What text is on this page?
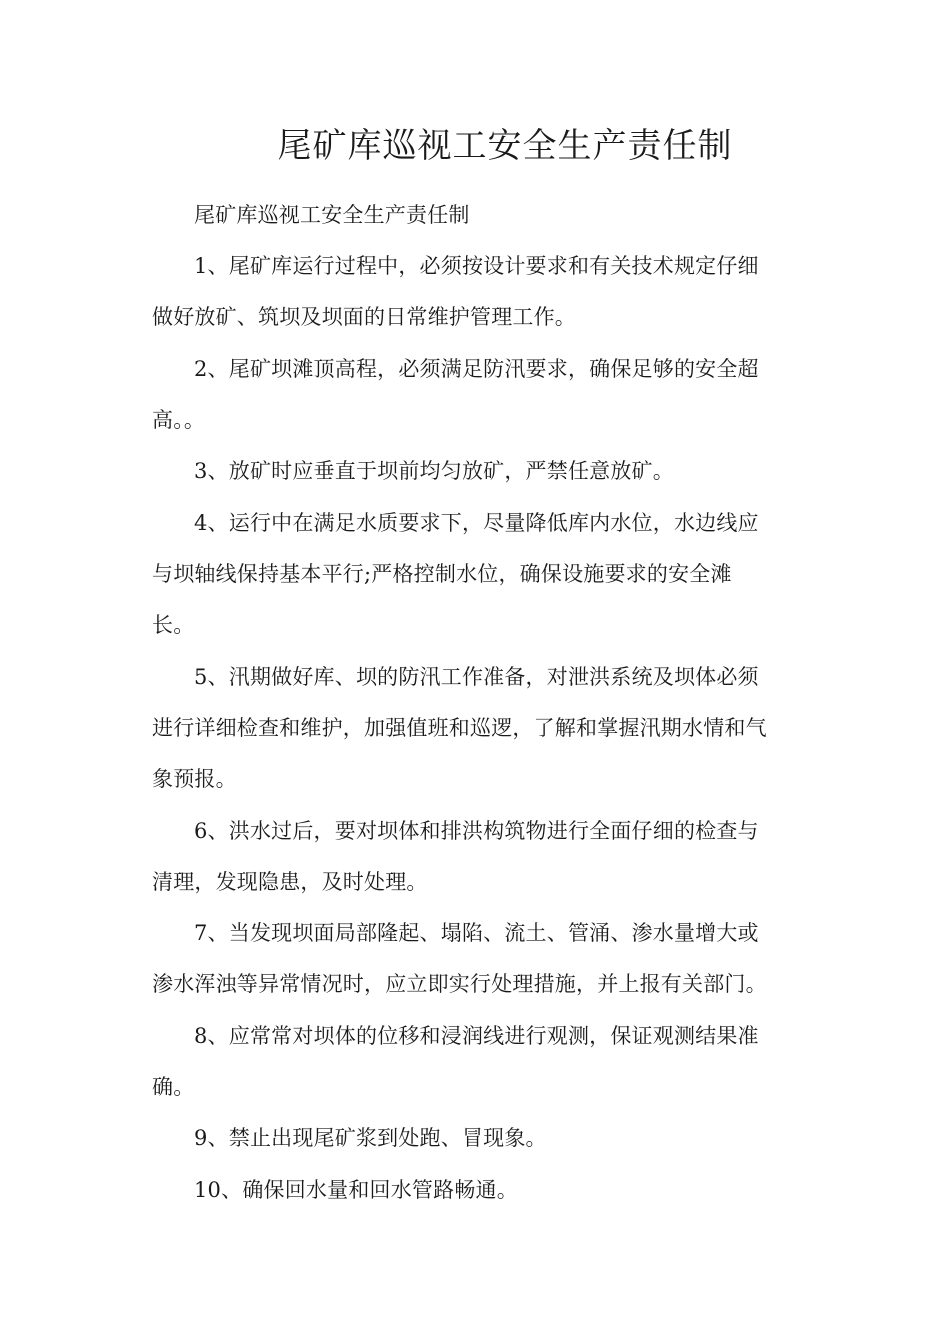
尾矿库巡视工安全生产责任制
尾矿库巡视工安全生产责任制
1、尾矿库运行过程中，必须按设计要求和有关技术规定仔细
做好放矿、筑坝及坝面的日常维护管理工作。
2、尾矿坝滩顶高程，必须满足防汛要求，确保足够的安全超
高。。
3、放矿时应垂直于坝前均匀放矿，严禁任意放矿。
4、运行中在满足水质要求下，尽量降低库内水位，水边线应
与坝轴线保持基本平行;严格控制水位，确保设施要求的安全滩
长。
5、汛期做好库、坝的防汛工作准备，对泄洪系统及坝体必须
进行详细检查和维护，加强值班和巡逻，了解和掌握汛期水情和气
象预报。
6、洪水过后，要对坝体和排洪构筑物进行全面仔细的检查与
清理，发现隐患，及时处理。
7、当发现坝面局部隆起、塌陷、流土、管涌、渗水量增大或
渗水浑浊等异常情况时，应立即实行处理措施，并上报有关部门。
8、应常常对坝体的位移和浸润线进行观测，保证观测结果准
确。
9、禁止出现尾矿浆到处跑、冒现象。
10、确保回水量和回水管路畅通。
